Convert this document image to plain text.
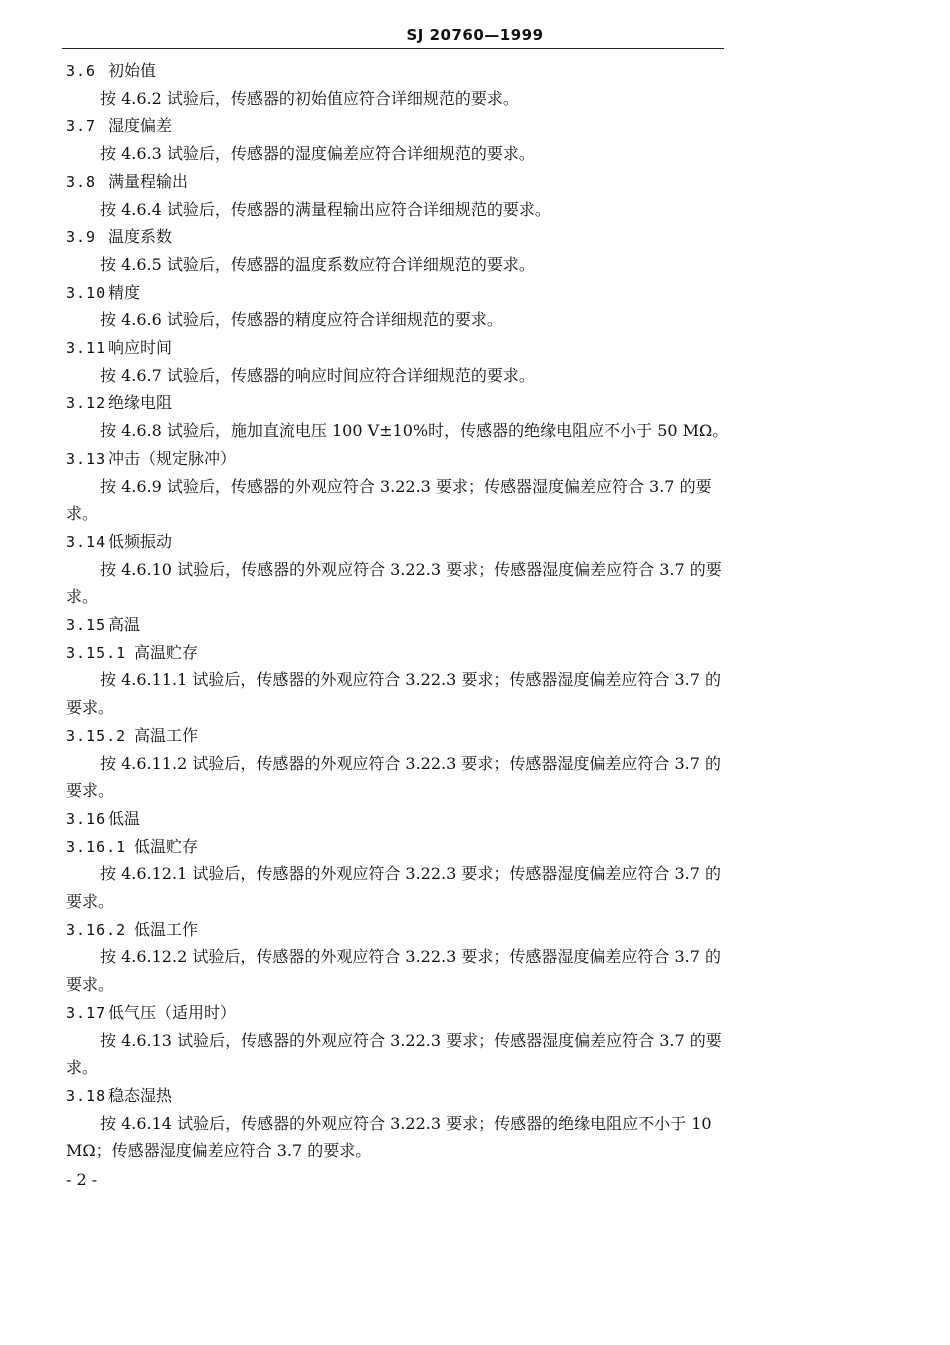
SJ 20760—1999
3.6 初始值
按 4.6.2 试验后，传感器的初始值应符合详细规范的要求。
3.7 湿度偏差
按 4.6.3 试验后，传感器的湿度偏差应符合详细规范的要求。
3.8 满量程输出
按 4.6.4 试验后，传感器的满量程输出应符合详细规范的要求。
3.9 温度系数
按 4.6.5 试验后，传感器的温度系数应符合详细规范的要求。
3.10 精度
按 4.6.6 试验后，传感器的精度应符合详细规范的要求。
3.11 响应时间
按 4.6.7 试验后，传感器的响应时间应符合详细规范的要求。
3.12 绝缘电阻
按 4.6.8 试验后，施加直流电压 100 V±10%时，传感器的绝缘电阻应不小于 50 MΩ。
3.13 冲击（规定脉冲）
按 4.6.9 试验后，传感器的外观应符合 3.22.3 要求；传感器湿度偏差应符合 3.7 的要
求。
3.14 低频振动
按 4.6.10 试验后，传感器的外观应符合 3.22.3 要求；传感器湿度偏差应符合 3.7 的要
求。
3.15 高温
3.15.1 高温贮存
按 4.6.11.1 试验后，传感器的外观应符合 3.22.3 要求；传感器湿度偏差应符合 3.7 的
要求。
3.15.2 高温工作
按 4.6.11.2 试验后，传感器的外观应符合 3.22.3 要求；传感器湿度偏差应符合 3.7 的
要求。
3.16 低温
3.16.1 低温贮存
按 4.6.12.1 试验后，传感器的外观应符合 3.22.3 要求；传感器湿度偏差应符合 3.7 的
要求。
3.16.2 低温工作
按 4.6.12.2 试验后，传感器的外观应符合 3.22.3 要求；传感器湿度偏差应符合 3.7 的
要求。
3.17 低气压（适用时）
按 4.6.13 试验后，传感器的外观应符合 3.22.3 要求；传感器湿度偏差应符合 3.7 的要
求。
3.18 稳态湿热
按 4.6.14 试验后，传感器的外观应符合 3.22.3 要求；传感器的绝缘电阻应不小于 10
MΩ；传感器湿度偏差应符合 3.7 的要求。
- 2 -
